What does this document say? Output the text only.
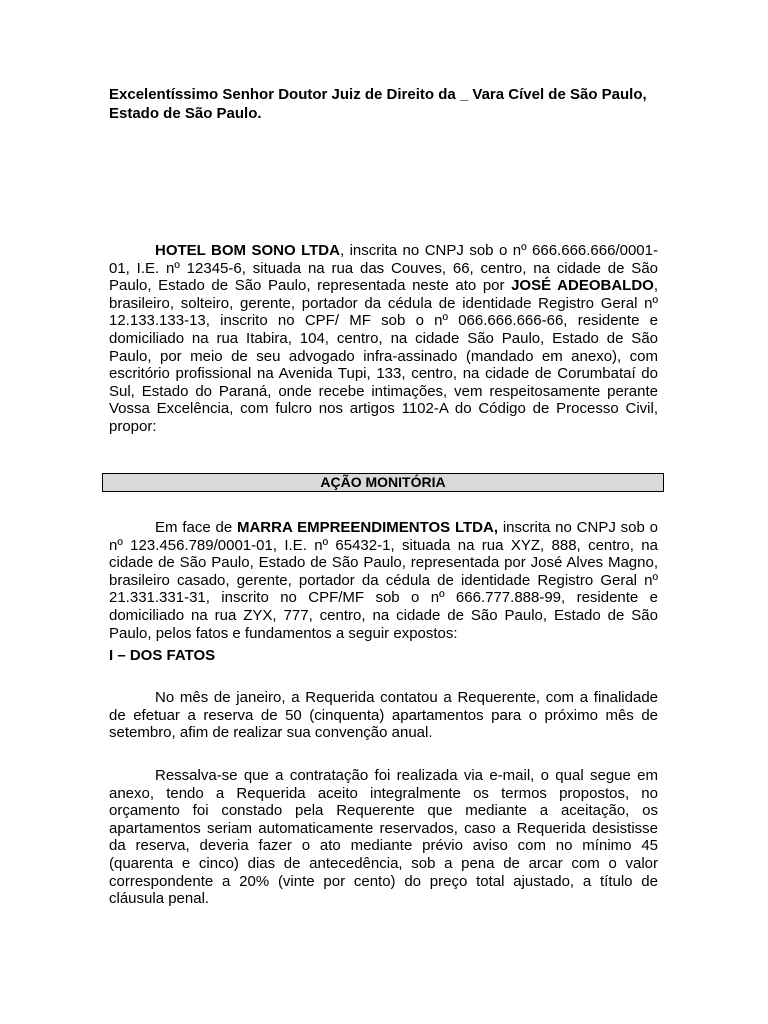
Excelentíssimo Senhor Doutor Juiz de Direito da _ Vara Cível de São Paulo, Estado de São Paulo.

HOTEL BOM SONO LTDA, inscrita no CNPJ sob o nº 666.666.666/0001-01, I.E. nº 12345-6, situada na rua das Couves, 66, centro, na cidade de São Paulo, Estado de São Paulo, representada neste ato por JOSÉ ADEOBALDO, brasileiro, solteiro, gerente, portador da cédula de identidade Registro Geral nº 12.133.133-13, inscrito no CPF/ MF sob o nº 066.666.666-66, residente e domiciliado na rua Itabira, 104, centro, na cidade São Paulo, Estado de São Paulo, por meio de seu advogado infra-assinado (mandado em anexo), com escritório profissional na Avenida Tupi, 133, centro, na cidade de Corumbataí do Sul, Estado do Paraná, onde recebe intimações, vem respeitosamente perante Vossa Excelência, com fulcro nos artigos 1102-A do Código de Processo Civil, propor:

AÇÃO MONITÓRIA

Em face de MARRA EMPREENDIMENTOS LTDA, inscrita no CNPJ sob o nº 123.456.789/0001-01, I.E. nº 65432-1, situada na rua XYZ, 888, centro, na cidade de São Paulo, Estado de São Paulo, representada por José Alves Magno, brasileiro casado, gerente, portador da cédula de identidade Registro Geral nº 21.331.331-31, inscrito no CPF/MF sob o nº 666.777.888-99, residente e domiciliado na rua ZYX, 777, centro, na cidade de São Paulo, Estado de São Paulo, pelos fatos e fundamentos a seguir expostos:

I – DOS FATOS

No mês de janeiro, a Requerida contatou a Requerente, com a finalidade de efetuar a reserva de 50 (cinquenta) apartamentos para o próximo mês de setembro, afim de realizar sua convenção anual.

Ressalva-se que a contratação foi realizada via e-mail, o qual segue em anexo, tendo a Requerida aceito integralmente os termos propostos, no orçamento foi constado pela Requerente que mediante a aceitação, os apartamentos seriam automaticamente reservados, caso a Requerida desistisse da reserva, deveria fazer o ato mediante prévio aviso com no mínimo 45 (quarenta e cinco) dias de antecedência, sob a pena de arcar com o valor correspondente a 20% (vinte por cento) do preço total ajustado, a título de cláusula penal.
